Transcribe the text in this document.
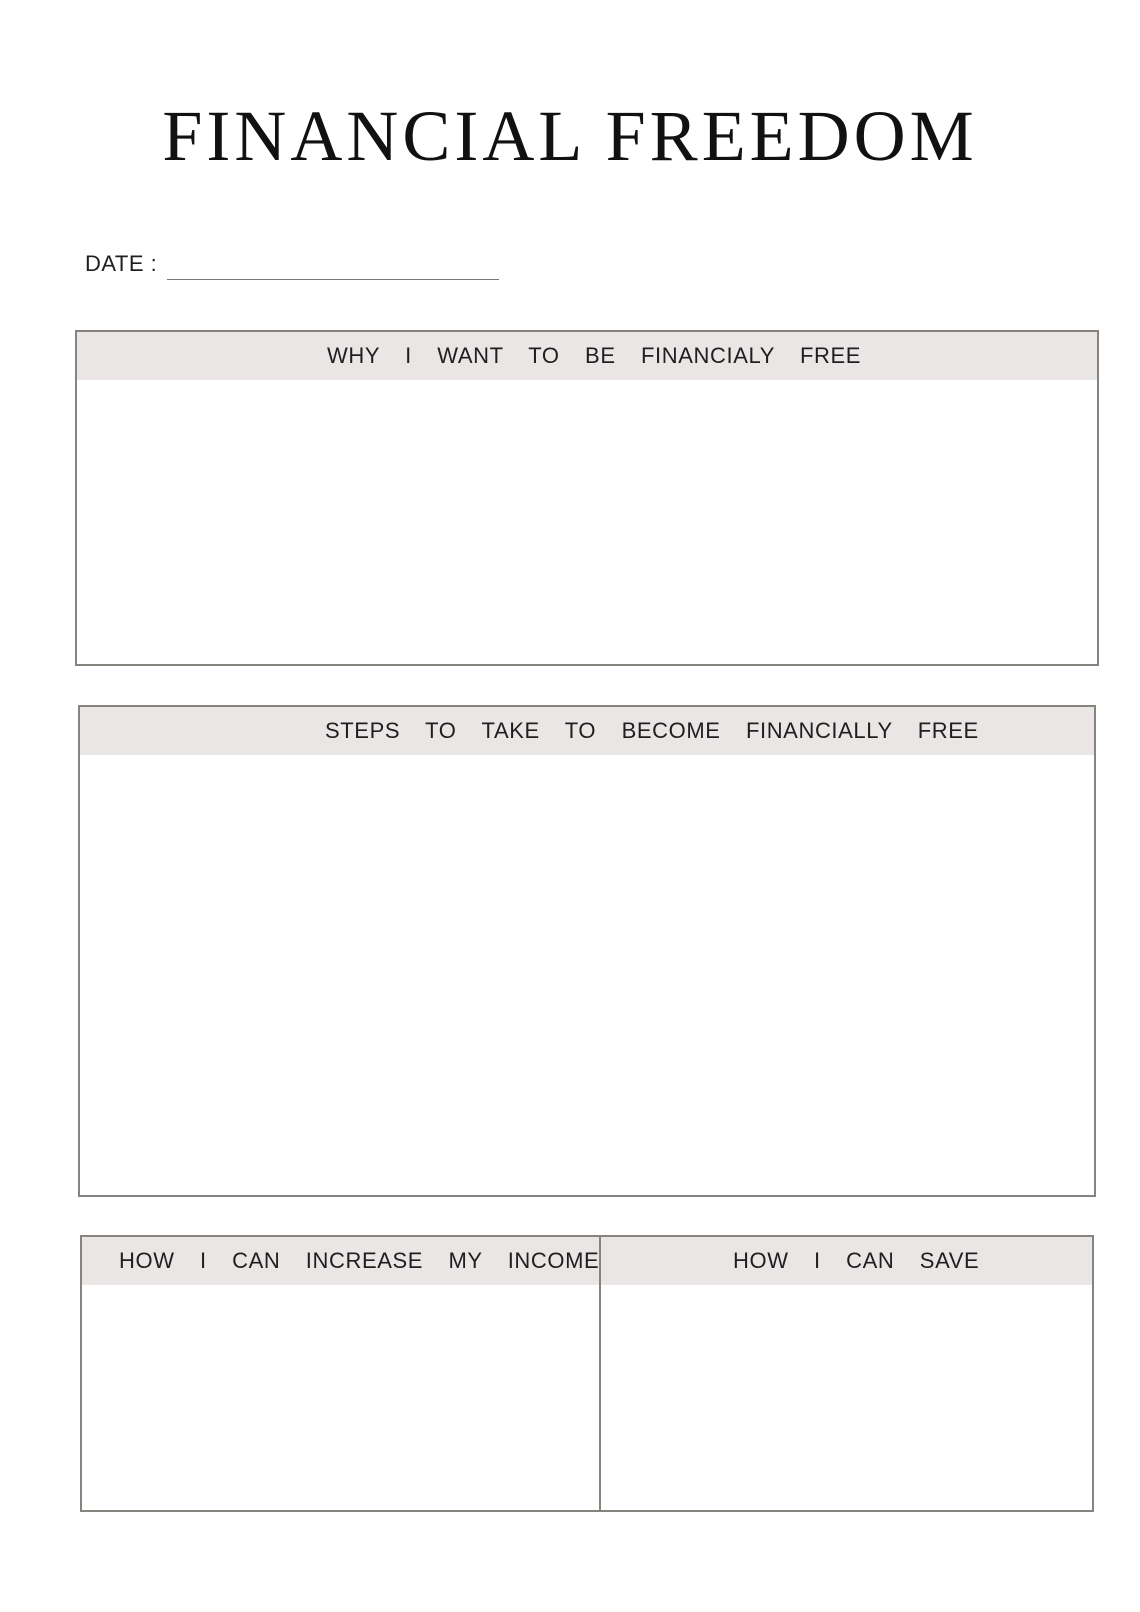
FINANCIAL FREEDOM
DATE :
WHY  I  WANT  TO  BE  FINANCIALY  FREE
STEPS  TO  TAKE  TO  BECOME  FINANCIALLY  FREE
HOW  I  CAN  INCREASE  MY  INCOME	HOW  I  CAN  SAVE
